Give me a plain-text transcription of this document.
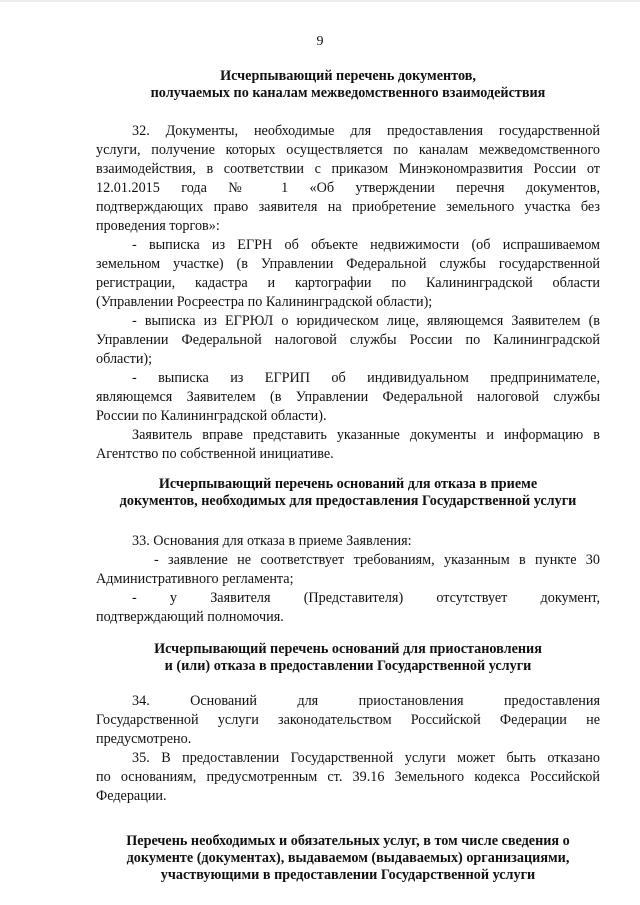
9
Исчерпывающий перечень документов,
получаемых по каналам межведомственного взаимодействия
32. Документы, необходимые для предоставления государственной
услуги, получение которых осуществляется по каналам межведомственного
взаимодействия, в соответствии с приказом Минэкономразвития России от
12.01.2015 года № 1 «Об утверждении перечня документов,
подтверждающих право заявителя на приобретение земельного участка без
проведения торгов»:
- выписка из ЕГРН об объекте недвижимости (об испрашиваемом
земельном участке) (в Управлении Федеральной службы государственной
регистрации, кадастра и картографии по Калининградской области
(Управлении Росреестра по Калининградской области);
- выписка из ЕГРЮЛ о юридическом лице, являющемся Заявителем (в
Управлении Федеральной налоговой службы России по Калининградской
области);
- выписка из ЕГРИП об индивидуальном предпринимателе,
являющемся Заявителем (в Управлении Федеральной налоговой службы
России по Калининградской области).
Заявитель вправе представить указанные документы и информацию в
Агентство по собственной инициативе.
Исчерпывающий перечень оснований для отказа в приеме
документов, необходимых для предоставления Государственной услуги
33. Основания для отказа в приеме Заявления:
- заявление не соответствует требованиям, указанным в пункте 30
Административного регламента;
- у Заявителя (Представителя) отсутствует документ,
подтверждающий полномочия.
Исчерпывающий перечень оснований для приостановления
и (или) отказа в предоставлении Государственной услуги
34. Оснований для приостановления предоставления
Государственной услуги законодательством Российской Федерации не
предусмотрено.
35. В предоставлении Государственной услуги может быть отказано
по основаниям, предусмотренным ст. 39.16 Земельного кодекса Российской
Федерации.
Перечень необходимых и обязательных услуг, в том числе сведения о
документе (документах), выдаваемом (выдаваемых) организациями,
участвующими в предоставлении Государственной услуги
